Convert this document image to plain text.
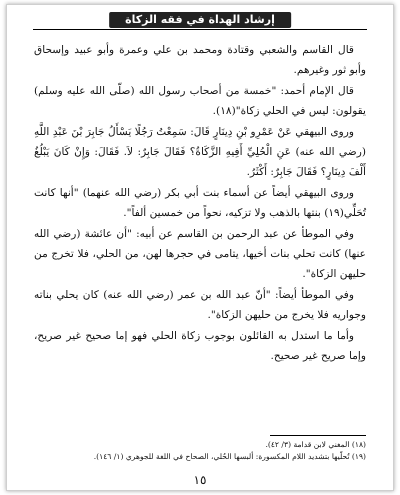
إرشاد الهداة في فقه الزكاة

قال القاسم والشعبي وقتادة ومحمد بن علي وعمرة وأبو عبيد وإسحاق وأبو ثور وغيرهم.

قال الإمام أحمد: "خمسة من أصحاب رسول الله (صلّى الله عليه وسلم) يقولون: ليس في الحلي زكاة"(١٨).

وروى البيهقي عَنْ عَمْرِو بْنِ دِينَارٍ قَالَ: سَمِعْتُ رَجُلًا يَسْأَلُ جَابِرَ بْنَ عَبْدِ اللَّهِ (رضي الله عنه) عَنِ الْحُلِيِّ أَفِيهِ الزَّكَاةُ؟ فَقَالَ جَابِرٌ: لاَ. فَقَالَ: وَإِنْ كَانَ يَبْلُغُ أَلْفَ دِينَارٍ؟ فَقَالَ جَابِرٌ: أَكْثَرُ.

وروى البيهقي أيضاً عن أسماء بنت أبي بكر (رضي الله عنهما) "أنها كانت تُحَلِّي(١٩) بنتها بالذهب ولا تزكيه، نحواً من خمسين ألفاً".

وفي الموطأ عن عبد الرحمن بن القاسم عن أبيه: "أن عائشة (رضي الله عنها) كانت تحلي بنات أخيها، يتامى في حجرها لهن، من الحلي، فلا تخرج من حليهن الزكاة".

وفي الموطأ أيضاً: "أنّ عبد الله بن عمر (رضي الله عنه) كان يحلي بناته وجواريه فلا يخرج من حليهن الزكاة".

وأما ما استدل به القائلون بوجوب زكاة الحلي فهو إما صحيح غير صريح، وإما صريح غير صحيح.

(١٨) المغني لابن قدامة (٣/ ٤٢).

(١٩) تُحلّيها بتشديد اللام المكسورة: ألبسها الحُلي، الصحاح في اللغة للجوهري (١/ ١٤٦).

١٥
